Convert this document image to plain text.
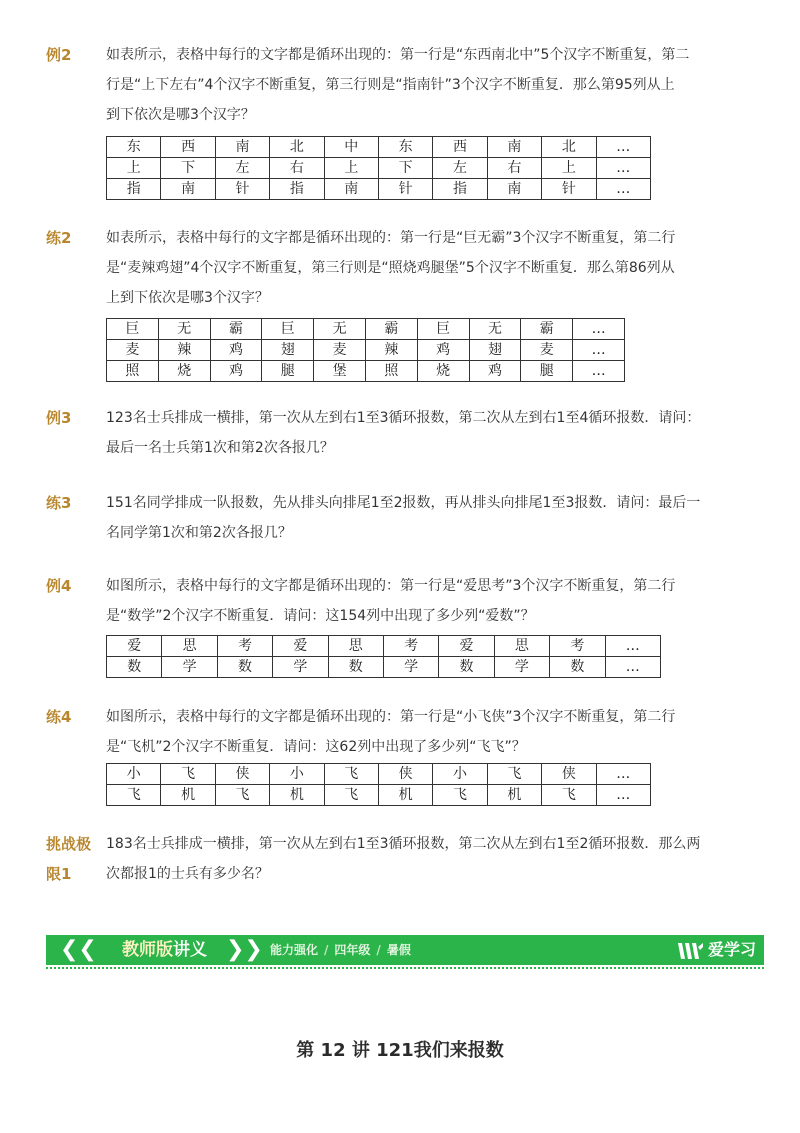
例2	如表所示，表格中每行的文字都是循环出现的：第一行是“东西南北中”5个汉字不断重复，第二
行是“上下左右”4个汉字不断重复，第三行则是“指南针”3个汉字不断重复．那么第95列从上
到下依次是哪3个汉字？
东	西	南	北	中	东	西	南	北	…
上	下	左	右	上	下	左	右	上	…
指	南	针	指	南	针	指	南	针	…
练2	如表所示，表格中每行的文字都是循环出现的：第一行是“巨无霸”3个汉字不断重复，第二行
是“麦辣鸡翅”4个汉字不断重复，第三行则是“照烧鸡腿堡”5个汉字不断重复．那么第86列从
上到下依次是哪3个汉字？
巨	无	霸	巨	无	霸	巨	无	霸	…
麦	辣	鸡	翅	麦	辣	鸡	翅	麦	…
照	烧	鸡	腿	堡	照	烧	鸡	腿	…
例3	123名士兵排成一横排，第一次从左到右1至3循环报数，第二次从左到右1至4循环报数．请问：
最后一名士兵第1次和第2次各报几？
练3	151名同学排成一队报数，先从排头向排尾1至2报数，再从排头向排尾1至3报数．请问：最后一
名同学第1次和第2次各报几？
例4	如图所示，表格中每行的文字都是循环出现的：第一行是“爱思考”3个汉字不断重复，第二行
是“数学”2个汉字不断重复．请问：这154列中出现了多少列“爱数”？
爱	思	考	爱	思	考	爱	思	考	…
数	学	数	学	数	学	数	学	数	…
练4	如图所示，表格中每行的文字都是循环出现的：第一行是“小飞侠”3个汉字不断重复，第二行
是“飞机”2个汉字不断重复．请问：这62列中出现了多少列“飞飞”？
小	飞	侠	小	飞	侠	小	飞	侠	…
飞	机	飞	机	飞	机	飞	机	飞	…
挑战极
限1
183名士兵排成一横排，第一次从左到右1至3循环报数，第二次从左到右1至2循环报数．那么两
次都报1的士兵有多少名？
❮❮ 教师版讲义 ❯❯ 能力强化 / 四年级 / 暑假	爱学习
第 12 讲 121我们来报数
